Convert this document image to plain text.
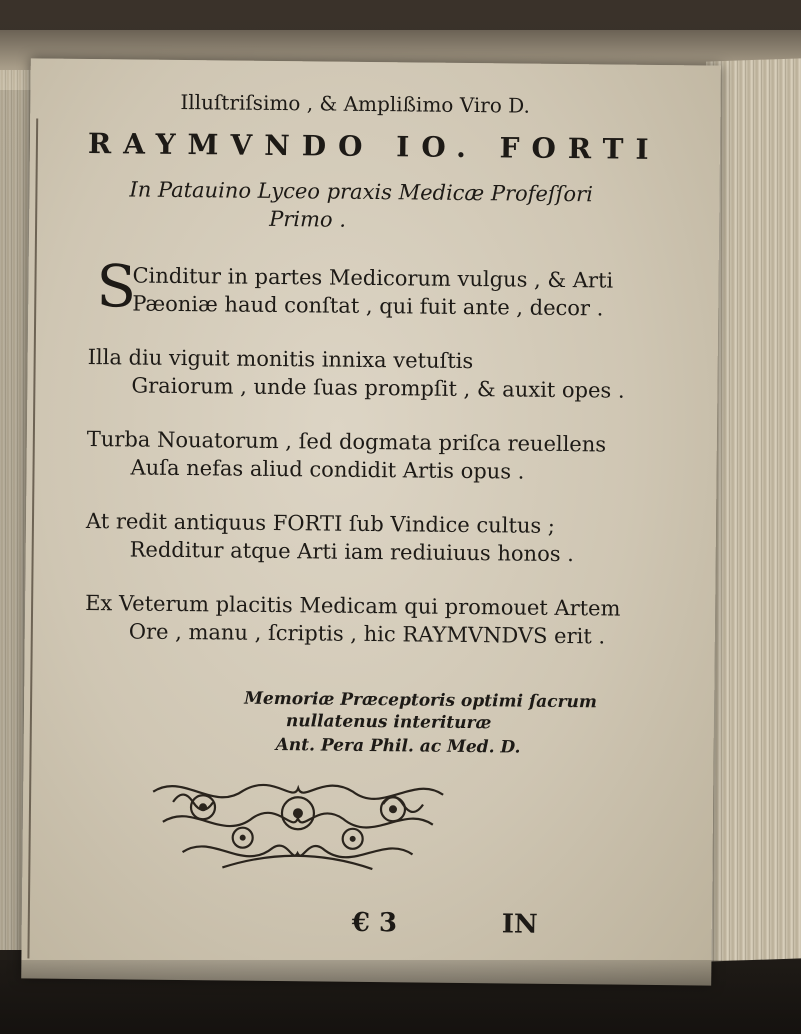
Illuſtriſsimo , & Amplißimo Viro D.
RAYMVNDO IO. FORTI
In Patauino Lyceo praxis Medicæ Profeſſori
Primo .
S
Cinditur in partes Medicorum vulgus , & Arti
Pæoniæ haud conſtat , qui fuit ante , decor .
Illa diu viguit monitis innixa vetuſtis
Graiorum , unde ſuas prompſit , & auxit opes .
Turba Nouatorum , ſed dogmata priſca reuellens
Auſa nefas aliud condidit Artis opus .
At redit antiquus FORTI ſub Vindice cultus ;
Redditur atque Arti iam rediuiuus honos .
Ex Veterum placitis Medicam qui promouet Artem
Ore , manu , ſcriptis , hic RAYMVNDVS erit .
Memoriæ Præceptoris optimi ſacrum
nullatenus interituræ
Ant. Pera Phil. ac Med. D.
€ 3	IN
